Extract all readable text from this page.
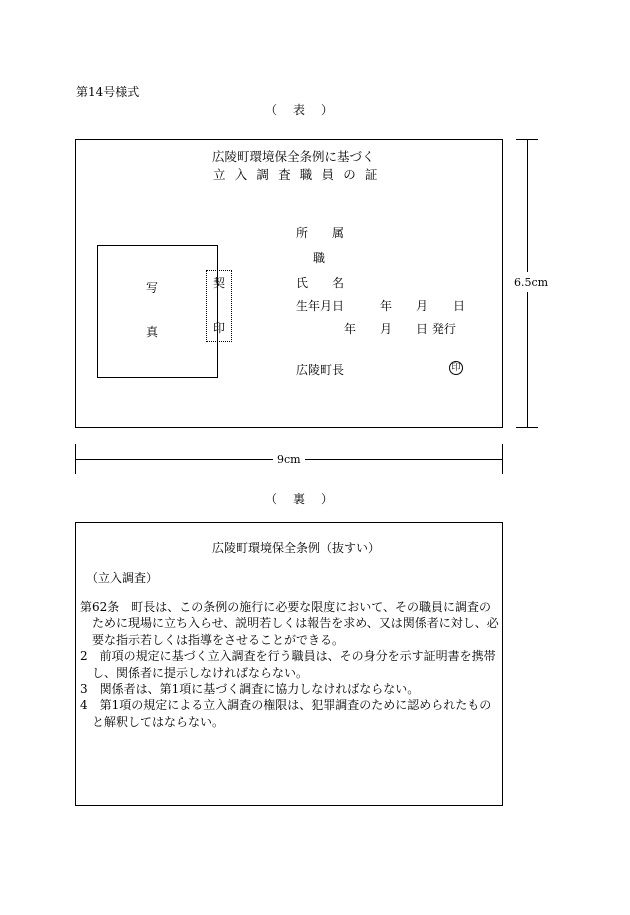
第14号様式
（　表　）
広陵町環境保全条例に基づく
立入調査職員の証
写
真
契
印
所　　属
職
氏　　名
生年月日	年 月 日
年 月 日 発行
広陵町長	印
6.5cm
9cm
（　裏　）
広陵町環境保全条例（抜すい）
（立入調査）

第62条　町長は、この条例の施行に必要な限度において、その職員に調査のために現場に立ち入らせ、説明若しくは報告を求め、又は関係者に対し、必要な指示若しくは指導をさせることができる。

2　前項の規定に基づく立入調査を行う職員は、その身分を示す証明書を携帯し、関係者に提示しなければならない。

3　関係者は、第1項に基づく調査に協力しなければならない。

4　第1項の規定による立入調査の権限は、犯罪調査のために認められたものと解釈してはならない。
